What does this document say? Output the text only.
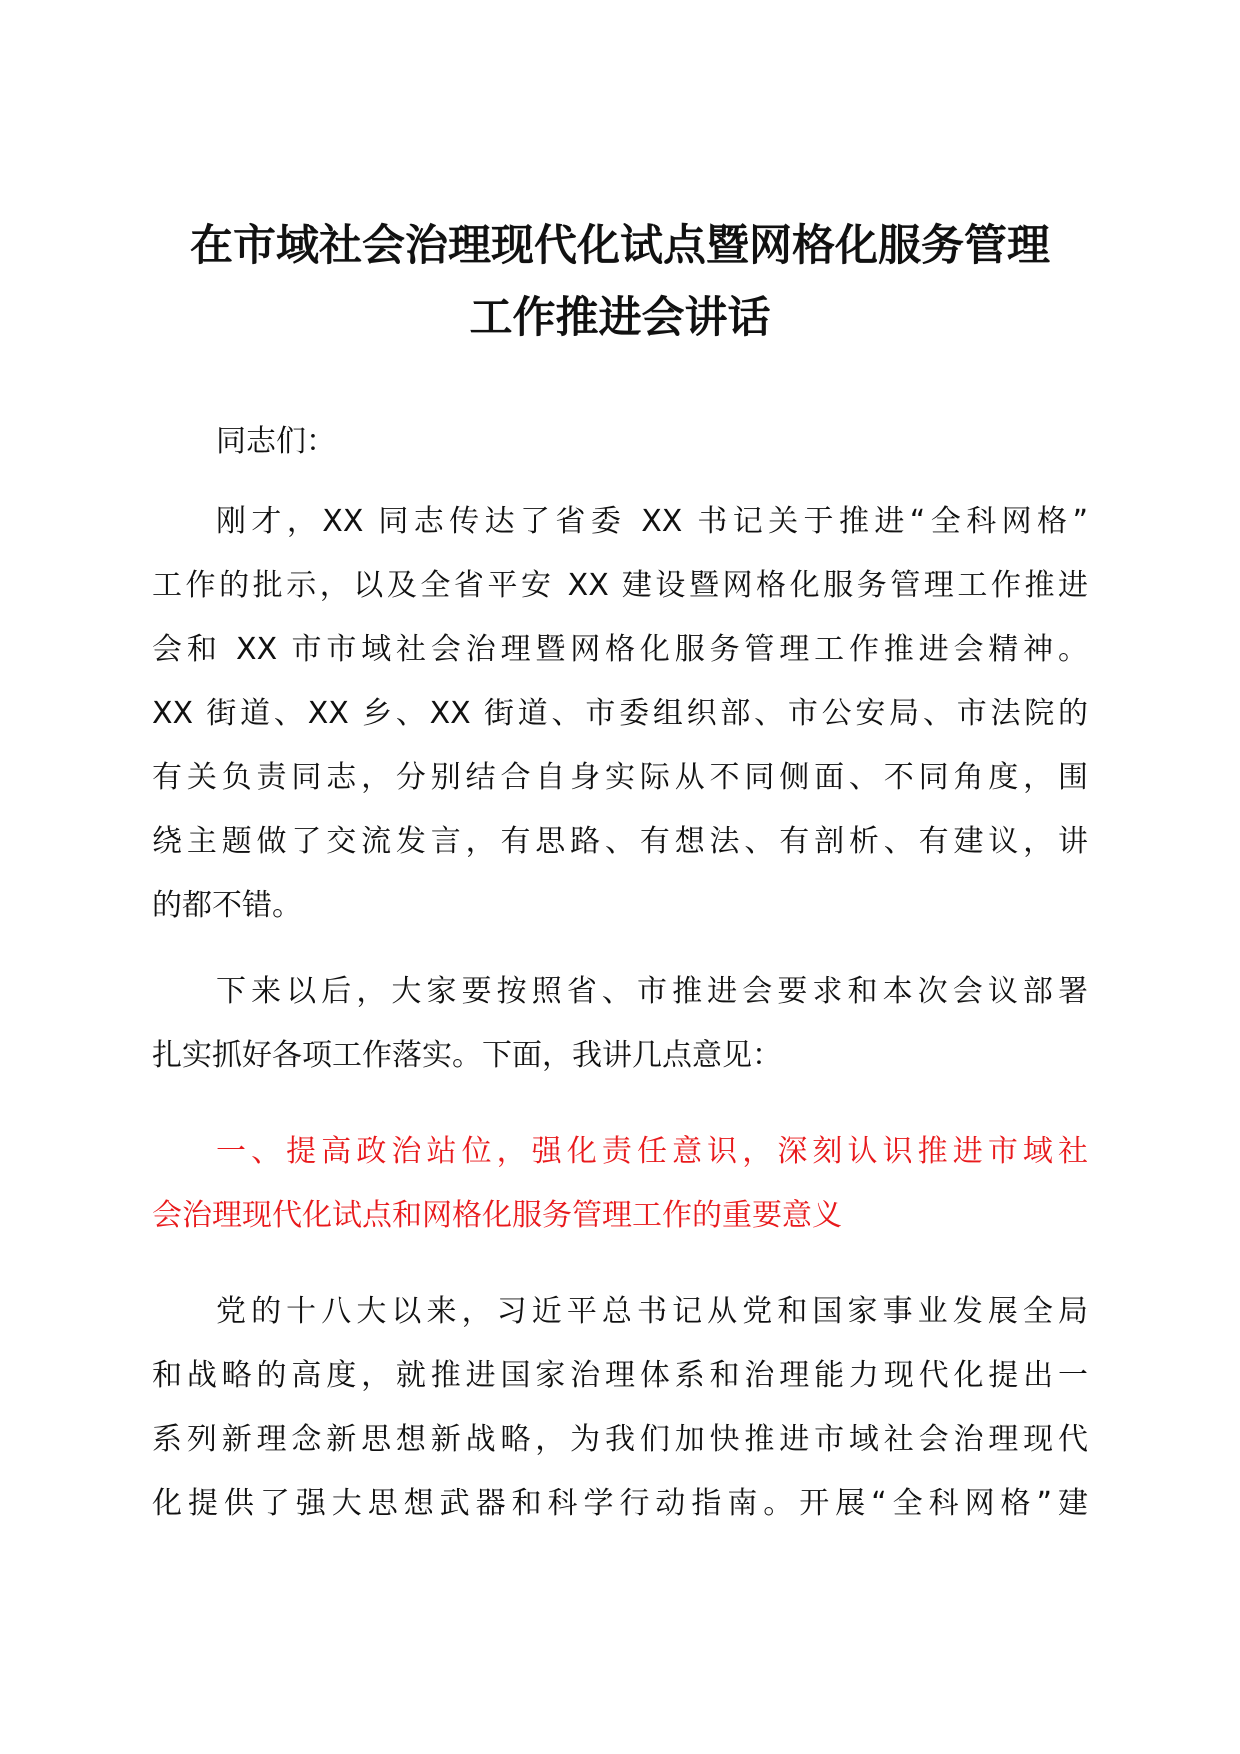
在市域社会治理现代化试点暨网格化服务管理
工作推进会讲话
同志们：
刚才，XX 同志传达了省委 XX 书记关于推进“全科网格”
工作的批示，以及全省平安 XX 建设暨网格化服务管理工作推进
会和 XX 市市域社会治理暨网格化服务管理工作推进会精神。
XX 街道、XX 乡、XX 街道、市委组织部、市公安局、市法院的
有关负责同志，分别结合自身实际从不同侧面、不同角度，围
绕主题做了交流发言，有思路、有想法、有剖析、有建议，讲
的都不错。
下来以后，大家要按照省、市推进会要求和本次会议部署
扎实抓好各项工作落实。下面，我讲几点意见：
一、提高政治站位，强化责任意识，深刻认识推进市域社
会治理现代化试点和网格化服务管理工作的重要意义
党的十八大以来，习近平总书记从党和国家事业发展全局
和战略的高度，就推进国家治理体系和治理能力现代化提出一
系列新理念新思想新战略，为我们加快推进市域社会治理现代
化提供了强大思想武器和科学行动指南。开展“全科网格”建
